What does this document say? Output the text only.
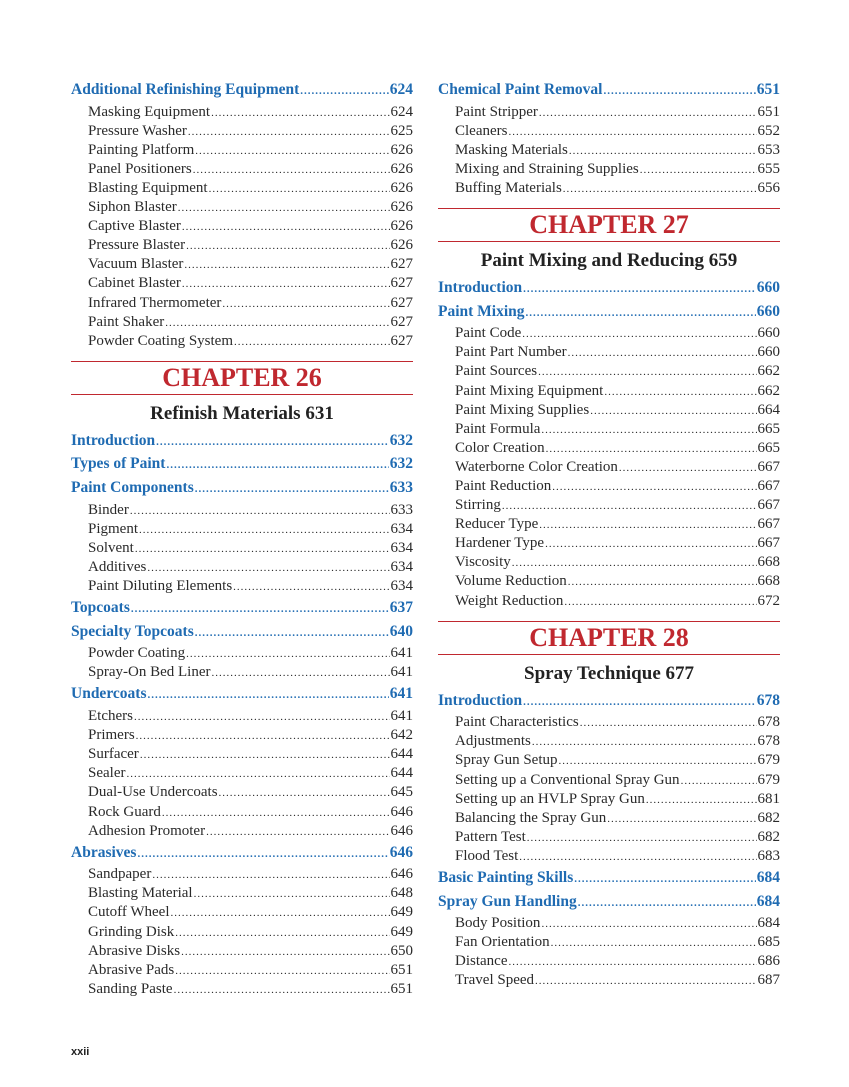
Additional Refinishing Equipment .....	624
Masking Equipment .....	624
Pressure Washer .....	625
Painting Platform .....	626
Panel Positioners .....	626
Blasting Equipment .....	626
Siphon Blaster .....	626
Captive Blaster .....	626
Pressure Blaster .....	626
Vacuum Blaster .....	627
Cabinet Blaster .....	627
Infrared Thermometer .....	627
Paint Shaker .....	627
Powder Coating System .....	627
CHAPTER 26
Refinish Materials 631
Introduction .....	632
Types of Paint .....	632
Paint Components .....	633
Binder .....	633
Pigment .....	634
Solvent .....	634
Additives .....	634
Paint Diluting Elements .....	634
Topcoats .....	637
Specialty Topcoats .....	640
Powder Coating .....	641
Spray-On Bed Liner .....	641
Undercoats .....	641
Etchers .....	641
Primers .....	642
Surfacer .....	644
Sealer .....	644
Dual-Use Undercoats .....	645
Rock Guard .....	646
Adhesion Promoter .....	646
Abrasives .....	646
Sandpaper .....	646
Blasting Material .....	648
Cutoff Wheel .....	649
Grinding Disk .....	649
Abrasive Disks .....	650
Abrasive Pads .....	651
Sanding Paste .....	651
Chemical Paint Removal .....	651
Paint Stripper .....	651
Cleaners .....	652
Masking Materials .....	653
Mixing and Straining Supplies .....	655
Buffing Materials .....	656
CHAPTER 27
Paint Mixing and Reducing 659
Introduction .....	660
Paint Mixing .....	660
Paint Code .....	660
Paint Part Number .....	660
Paint Sources .....	662
Paint Mixing Equipment .....	662
Paint Mixing Supplies .....	664
Paint Formula .....	665
Color Creation .....	665
Waterborne Color Creation .....	667
Paint Reduction .....	667
Stirring .....	667
Reducer Type .....	667
Hardener Type .....	667
Viscosity .....	668
Volume Reduction .....	668
Weight Reduction .....	672
CHAPTER 28
Spray Technique 677
Introduction .....	678
Paint Characteristics .....	678
Adjustments .....	678
Spray Gun Setup .....	679
Setting up a Conventional Spray Gun .....	679
Setting up an HVLP Spray Gun .....	681
Balancing the Spray Gun .....	682
Pattern Test .....	682
Flood Test .....	683
Basic Painting Skills .....	684
Spray Gun Handling .....	684
Body Position .....	684
Fan Orientation .....	685
Distance .....	686
Travel Speed .....	687
xxii
